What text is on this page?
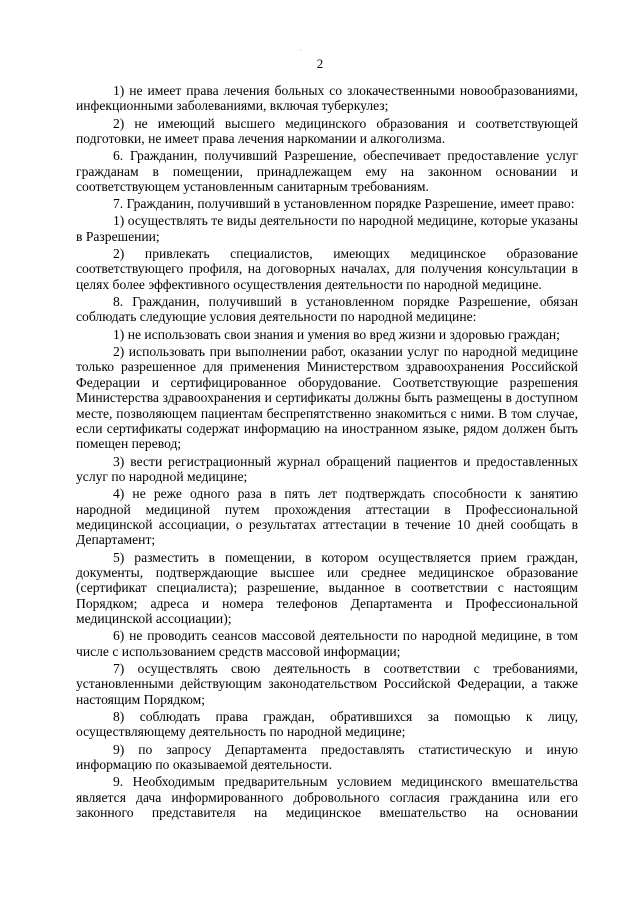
·
2

1) не имеет права лечения больных со злокачественными новообразованиями, инфекционными заболеваниями, включая туберкулез;

2) не имеющий высшего медицинского образования и соответствующей подготовки, не имеет права лечения наркомании и алкоголизма.

6. Гражданин, получивший Разрешение, обеспечивает предоставление услуг гражданам в помещении, принадлежащем ему на законном основании и соответствующем установленным санитарным требованиям.

7. Гражданин, получивший в установленном порядке Разрешение, имеет право:

1) осуществлять те виды деятельности по народной медицине, которые указаны в Разрешении;

2) привлекать специалистов, имеющих медицинское образование соответствующего профиля, на договорных началах, для получения консультации в целях более эффективного осуществления деятельности по народной медицине.

8. Гражданин, получивший в установленном порядке Разрешение, обязан соблюдать следующие условия деятельности по народной медицине:

1) не использовать свои знания и умения во вред жизни и здоровью граждан;

2) использовать при выполнении работ, оказании услуг по народной медицине только разрешенное для применения Министерством здравоохранения Российской Федерации и сертифицированное оборудование. Соответствующие разрешения Министерства здравоохранения и сертификаты должны быть размещены в доступном месте, позволяющем пациентам беспрепятственно знакомиться с ними. В том случае, если сертификаты содержат информацию на иностранном языке, рядом должен быть помещен перевод;

3) вести регистрационный журнал обращений пациентов и предоставленных услуг по народной медицине;

4) не реже одного раза в пять лет подтверждать способности к занятию народной медициной путем прохождения аттестации в Профессиональной медицинской ассоциации, о результатах аттестации в течение 10 дней сообщать в Департамент;

5) разместить в помещении, в котором осуществляется прием граждан, документы, подтверждающие высшее или среднее медицинское образование (сертификат специалиста); разрешение, выданное в соответствии с настоящим Порядком; адреса и номера телефонов Департамента и Профессиональной медицинской ассоциации);

6) не проводить сеансов массовой деятельности по народной медицине, в том числе с использованием средств массовой информации;

7) осуществлять свою деятельность в соответствии с требованиями, установленными действующим законодательством Российской Федерации, а также настоящим Порядком;

8) соблюдать права граждан, обратившихся за помощью к лицу, осуществляющему деятельность по народной медицине;

9) по запросу Департамента предоставлять статистическую и иную информацию по оказываемой деятельности.

9. Необходимым предварительным условием медицинского вмешательства является дача информированного добровольного согласия гражданина или его законного представителя на медицинское вмешательство на основании
